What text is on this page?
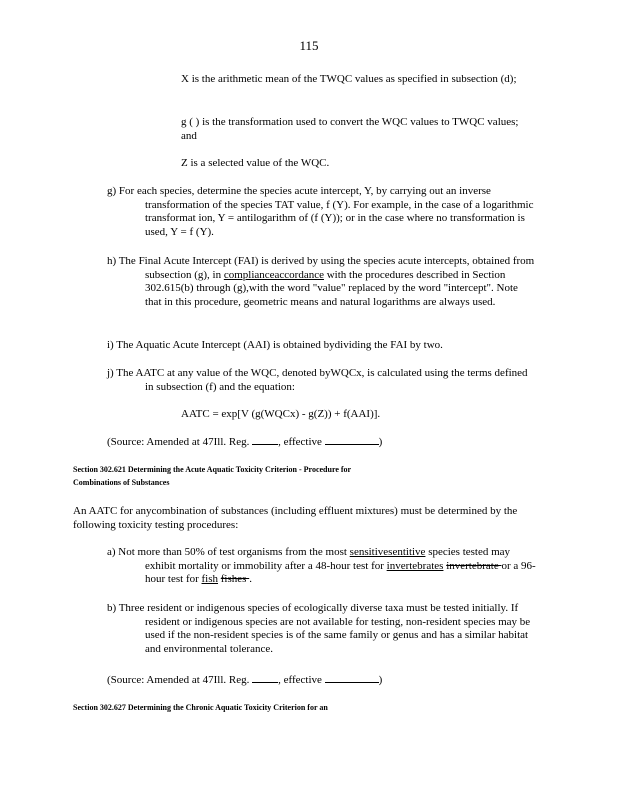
115

X is the arithmetic mean of the TWQC values as specified in subsection (d);

g ( ) is the transformation used to convert the WQC values to TWQC values; and

Z is a selected value of the WQC.

g) For each species, determine the species acute intercept, Y, by carrying out an inverse transformation of the species TAT value, f (Y). For example, in the case of a logarithmic transformat ion, Y = antilogarithm of (f (Y)); or in the case where no transformation is used, Y = f (Y).

h) The Final Acute Intercept (FAI) is derived by using the species acute intercepts, obtained from subsection (g), in complianceaccordance with the procedures described in Section 302.615(b) through (g),with the word "value" replaced by the word "intercept". Note that in this procedure, geometric means and natural logarithms are always used.

i) The Aquatic Acute Intercept (AAI) is obtained bydividing the FAI by two.

j) The AATC at any value of the WQC, denoted byWQCx, is calculated using the terms defined in subsection (f) and the equation:

AATC = exp[V (g(WQCx) - g(Z)) + f(AAI)].
(Source: Amended at 47Ill. Reg. , effective	)
Section 302.621 Determining the Acute Aquatic Toxicity Criterion - Procedure for
Combinations of Substances

An AATC for anycombination of substances (including effluent mixtures) must be determined by the following toxicity testing procedures:

a) Not more than 50% of test organisms from the most sensitivesentitive species tested may exhibit mortality or immobility after a 48-hour test for invertebrates invertebrate or a 96-hour test for fish fishes .

b) Three resident or indigenous species of ecologically diverse taxa must be tested initially. If resident or indigenous species are not available for testing, non-resident species may be used if the non-resident species is of the same family or genus and has a similar habitat and environmental tolerance.

(Source: Amended at 47Ill. Reg. , effective	)
Section 302.627 Determining the Chronic Aquatic Toxicity Criterion for an
